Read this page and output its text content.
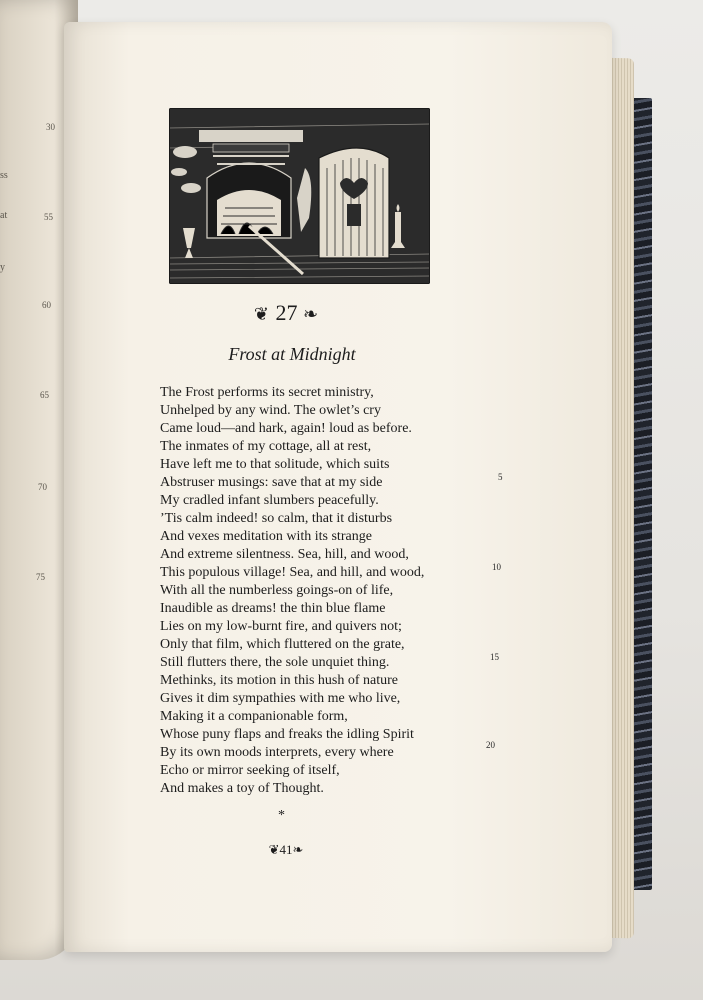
30
ss
at	55
y
60
65
70
75
❦ 27 ❧
Frost at Midnight
The Frost performs its secret ministry,
Unhelped by any wind. The owlet’s cry
Came loud—and hark, again! loud as before.
The inmates of my cottage, all at rest,
Have left me to that solitude, which suits
Abstruser musings: save that at my side
My cradled infant slumbers peacefully.
’Tis calm indeed! so calm, that it disturbs
And vexes meditation with its strange
And extreme silentness. Sea, hill, and wood,
This populous village! Sea, and hill, and wood,
With all the numberless goings-on of life,
Inaudible as dreams! the thin blue flame
Lies on my low-burnt fire, and quivers not;
Only that film, which fluttered on the grate,
Still flutters there, the sole unquiet thing.
Methinks, its motion in this hush of nature
Gives it dim sympathies with me who live,
Making it a companionable form,
Whose puny flaps and freaks the idling Spirit
By its own moods interprets, every where
Echo or mirror seeking of itself,
And makes a toy of Thought.
5
10
15
20
*
❦41❧
